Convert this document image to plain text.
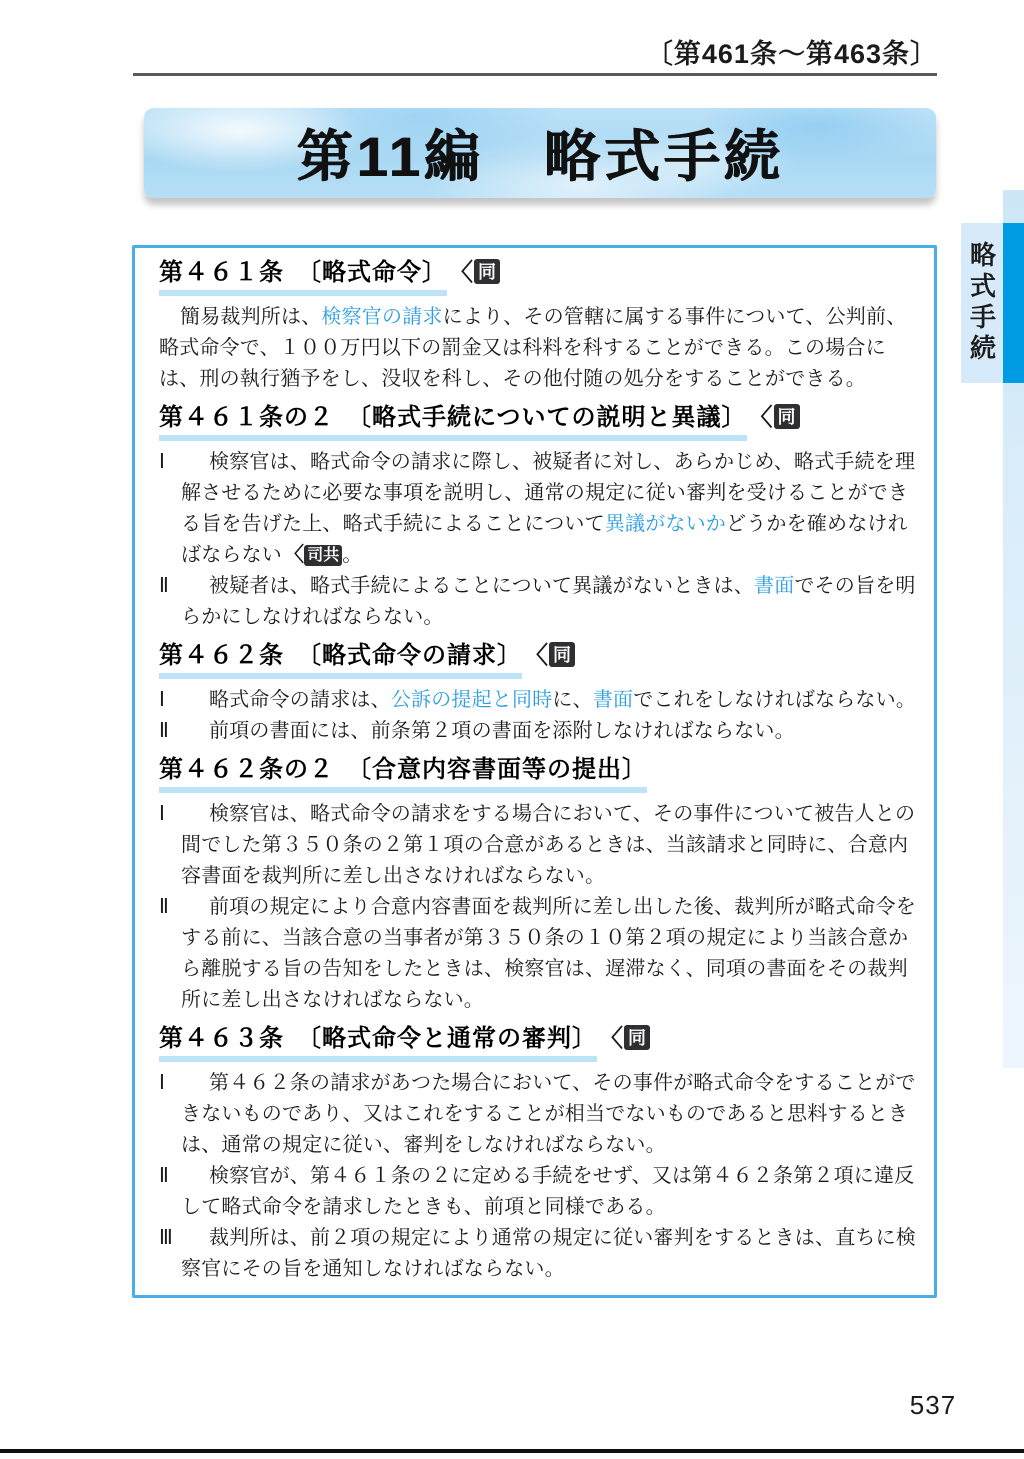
〔第461条～第463条〕
第11編　略式手続
略式手続
第４６１条　〔略式命令〕〈 同
簡易裁判所は、検察官の請求により、その管轄に属する事件について、公判前、略式命令で、１００万円以下の罰金又は科料を科することができる。この場合には、刑の執行猶予をし、没収を科し、その他付随の処分をすることができる。
第４６１条の２　〔略式手続についての説明と異議〕〈 同
Ⅰ 検察官は、略式命令の請求に際し、被疑者に対し、あらかじめ、略式手続を理解させるために必要な事項を説明し、通常の規定に従い審判を受けることができる旨を告げた上、略式手続によることについて異議がないかどうかを確めなければならない 〈 司共 。
Ⅱ 被疑者は、略式手続によることについて異議がないときは、書面でその旨を明らかにしなければならない。
第４６２条　〔略式命令の請求〕〈 同
Ⅰ 略式命令の請求は、公訴の提起と同時に、書面でこれをしなければならない。
Ⅱ 前項の書面には、前条第２項の書面を添附しなければならない。
第４６２条の２　〔合意内容書面等の提出〕
Ⅰ 検察官は、略式命令の請求をする場合において、その事件について被告人との間でした第３５０条の２第１項の合意があるときは、当該請求と同時に、合意内容書面を裁判所に差し出さなければならない。
Ⅱ 前項の規定により合意内容書面を裁判所に差し出した後、裁判所が略式命令をする前に、当該合意の当事者が第３５０条の１０第２項の規定により当該合意から離脱する旨の告知をしたときは、検察官は、遅滞なく、同項の書面をその裁判所に差し出さなければならない。
第４６３条　〔略式命令と通常の審判〕〈 同
Ⅰ 第４６２条の請求があつた場合において、その事件が略式命令をすることができないものであり、又はこれをすることが相当でないものであると思料するときは、通常の規定に従い、審判をしなければならない。
Ⅱ 検察官が、第４６１条の２に定める手続をせず、又は第４６２条第２項に違反して略式命令を請求したときも、前項と同様である。
Ⅲ 裁判所は、前２項の規定により通常の規定に従い審判をするときは、直ちに検察官にその旨を通知しなければならない。
537
